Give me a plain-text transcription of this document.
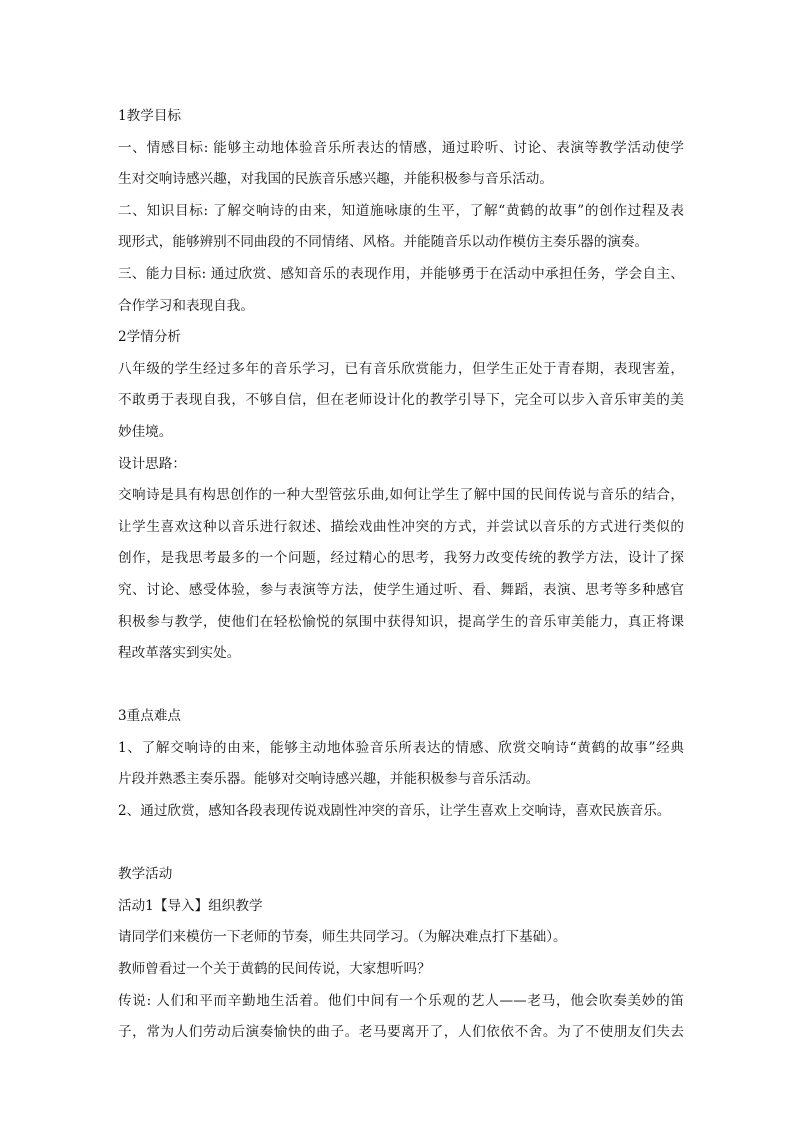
1教学目标
一、情感目标: 能够主动地体验音乐所表达的情感，通过聆听、讨论、表演等教学活动使学
生对交响诗感兴趣，对我国的民族音乐感兴趣，并能积极参与音乐活动。
二、知识目标: 了解交响诗的由来，知道施咏康的生平，了解“黄鹤的故事”的创作过程及表
现形式，能够辨别不同曲段的不同情绪、风格。并能随音乐以动作模仿主奏乐器的演奏。
三、能力目标: 通过欣赏、感知音乐的表现作用，并能够勇于在活动中承担任务，学会自主、
合作学习和表现自我。
2学情分析
八年级的学生经过多年的音乐学习，已有音乐欣赏能力，但学生正处于青春期，表现害羞，
不敢勇于表现自我，不够自信，但在老师设计化的教学引导下，完全可以步入音乐审美的美
妙佳境。
设计思路：
交响诗是具有构思创作的一种大型管弦乐曲,如何让学生了解中国的民间传说与音乐的结合，
让学生喜欢这种以音乐进行叙述、描绘戏曲性冲突的方式，并尝试以音乐的方式进行类似的
创作，是我思考最多的一个问题，经过精心的思考，我努力改变传统的教学方法，设计了探
究、讨论、感受体验，参与表演等方法，使学生通过听、看、舞蹈，表演、思考等多种感官
积极参与教学，使他们在轻松愉悦的氛围中获得知识，提高学生的音乐审美能力，真正将课
程改革落实到实处。
3重点难点
1、了解交响诗的由来，能够主动地体验音乐所表达的情感、欣赏交响诗“黄鹤的故事”经典
片段并熟悉主奏乐器。能够对交响诗感兴趣，并能积极参与音乐活动。
2、通过欣赏，感知各段表现传说戏剧性冲突的音乐，让学生喜欢上交响诗，喜欢民族音乐。
教学活动
活动1【导入】组织教学
请同学们来模仿一下老师的节奏，师生共同学习。（为解决难点打下基础）。
教师曾看过一个关于黄鹤的民间传说，大家想听吗？
传说: 人们和平而辛勤地生活着。他们中间有一个乐观的艺人——老马，他会吹奏美妙的笛
子，常为人们劳动后演奏愉快的曲子。老马要离开了，人们依依不舍。为了不使朋友们失去
